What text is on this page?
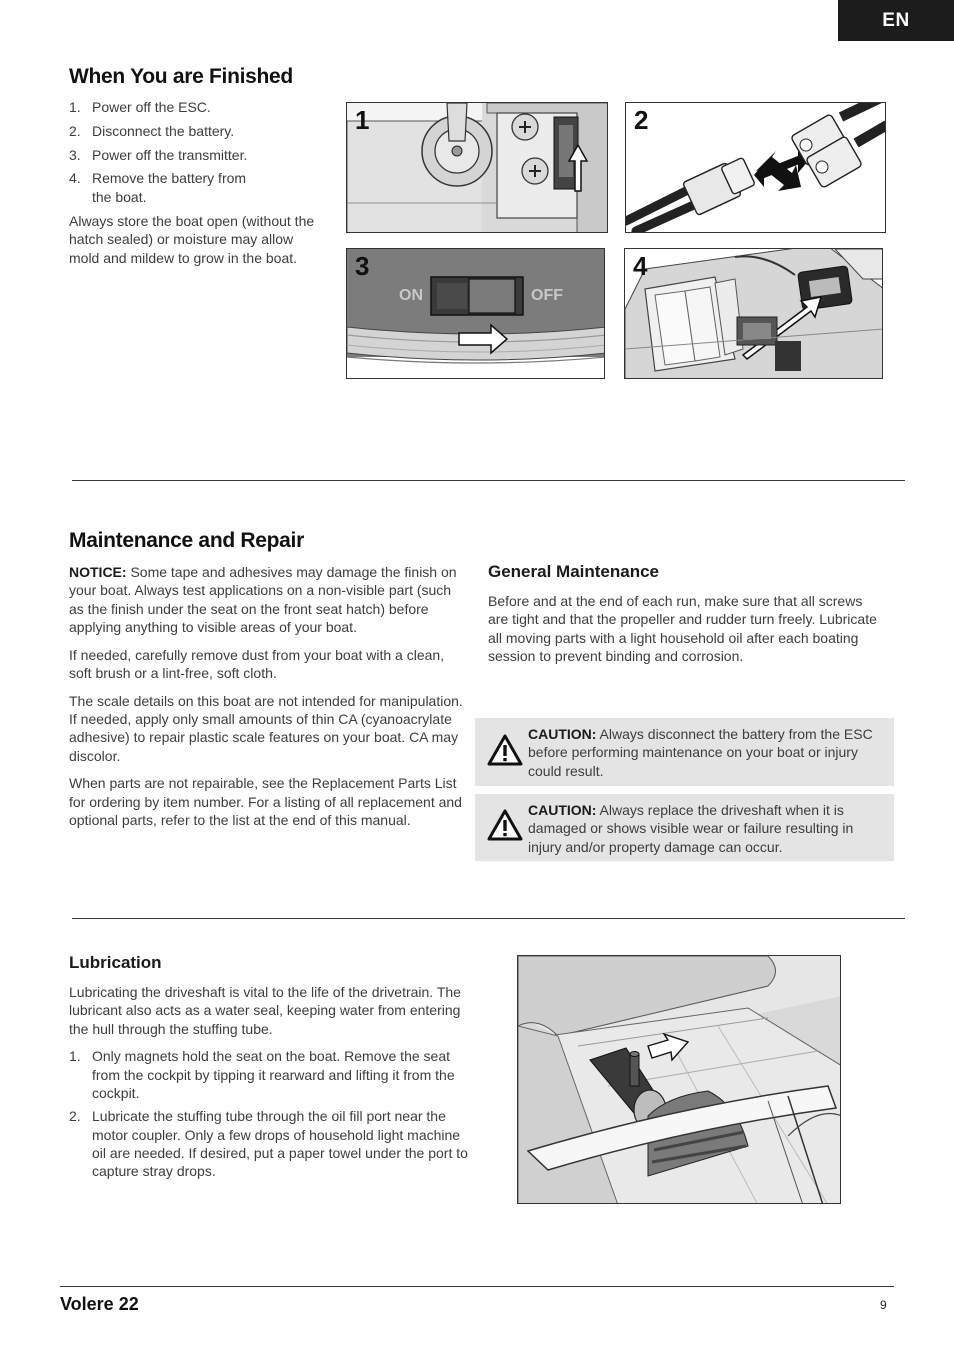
EN
When You are Finished
1. Power off the ESC.
2. Disconnect the battery.
3. Power off the transmitter.
4. Remove the battery from the boat.

Always store the boat open (without the hatch sealed) or moisture may allow mold and mildew to grow in the boat.

1	2
3
ON	OFF
4
Maintenance and Repair

NOTICE: Some tape and adhesives may damage the finish on your boat. Always test applications on a non-visible part (such as the finish under the seat on the front seat hatch) before applying anything to visible areas of your boat.

If needed, carefully remove dust from your boat with a clean, soft brush or a lint-free, soft cloth.

The scale details on this boat are not intended for manipulation. If needed, apply only small amounts of thin CA (cyanoacrylate adhesive) to repair plastic scale features on your boat. CA may discolor.

When parts are not repairable, see the Replacement Parts List for ordering by item number. For a listing of all replacement and optional parts, refer to the list at the end of this manual.

General Maintenance
Before and at the end of each run, make sure that all screws are tight and that the propeller and rudder turn freely. Lubricate all moving parts with a light household oil after each boating session to prevent binding and corrosion.
CAUTION: Always disconnect the battery from the ESC before performing maintenance on your boat or injury could result.
CAUTION: Always replace the driveshaft when it is damaged or shows visible wear or failure resulting in injury and/or property damage can occur.
Lubrication

Lubricating the driveshaft is vital to the life of the drivetrain. The lubricant also acts as a water seal, keeping water from entering the hull through the stuffing tube.

1. Only magnets hold the seat on the boat. Remove the seat from the cockpit by tipping it rearward and lifting it from the cockpit.
2. Lubricate the stuffing tube through the oil fill port near the motor coupler. Only a few drops of household light machine oil are needed. If desired, put a paper towel under the port to capture stray drops.
Volere 22	9
